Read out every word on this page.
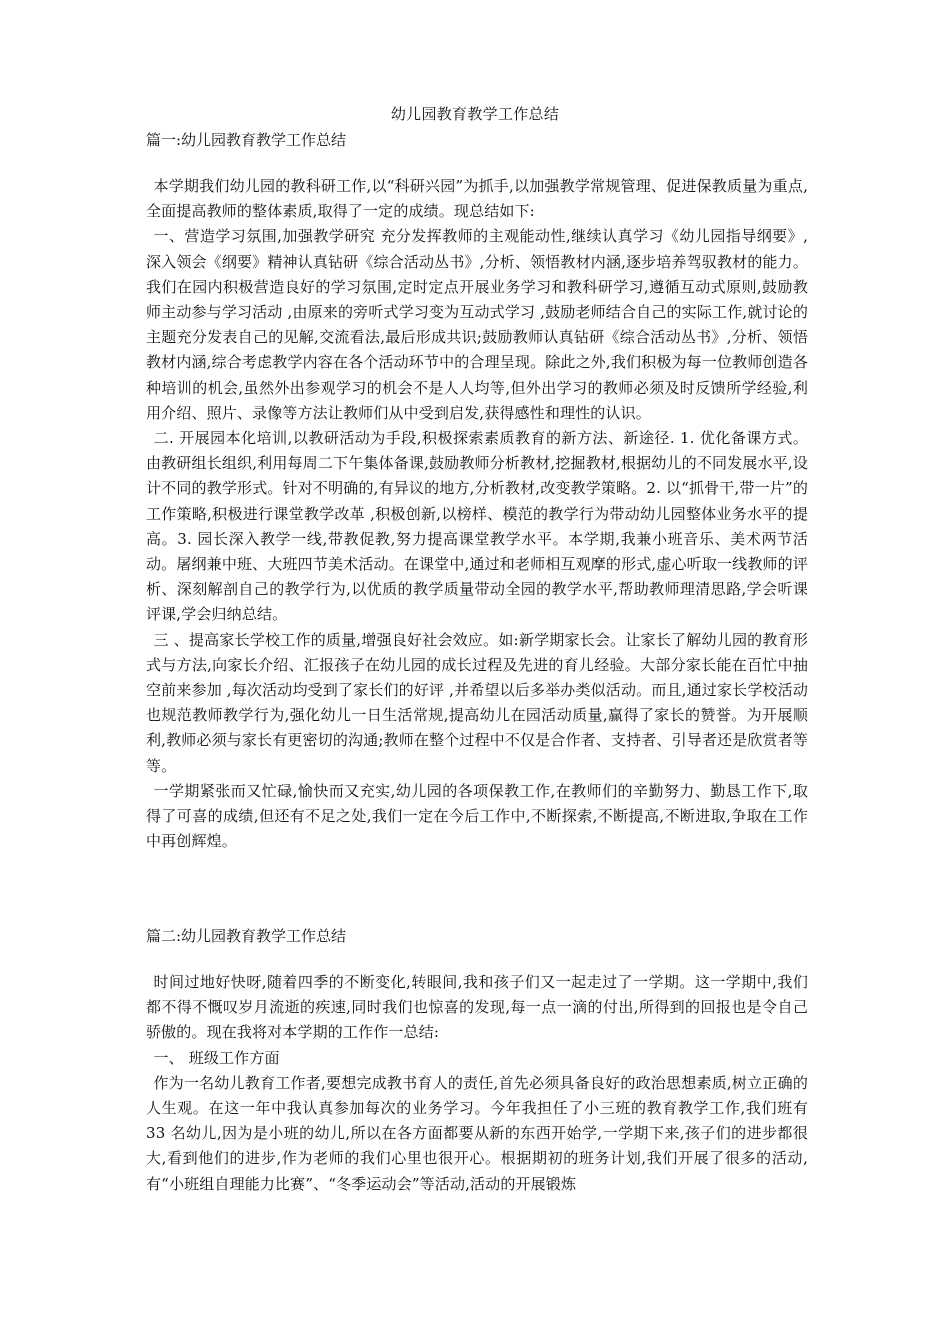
幼儿园教育教学工作总结
篇一:幼儿园教育教学工作总结

本学期我们幼儿园的教科研工作,以“科研兴园”为抓手,以加强教学常规管理、促进保教质量为重点,全面提高教师的整体素质,取得了一定的成绩。现总结如下:

一、营造学习氛围,加强教学研究 充分发挥教师的主观能动性,继续认真学习《幼儿园指导纲要》,深入领会《纲要》精神认真钻研《综合活动丛书》,分析、领悟教材内涵,逐步培养驾驭教材的能力。我们在园内积极营造良好的学习氛围,定时定点开展业务学习和教科研学习,遵循互动式原则,鼓励教师主动参与学习活动 ,由原来的旁听式学习变为互动式学习 ,鼓励老师结合自己的实际工作,就讨论的主题充分发表自己的见解,交流看法,最后形成共识;鼓励教师认真钻研《综合活动丛书》,分析、领悟教材内涵,综合考虑教学内容在各个活动环节中的合理呈现。除此之外,我们积极为每一位教师创造各种培训的机会,虽然外出参观学习的机会不是人人均等,但外出学习的教师必须及时反馈所学经验,利用介绍、照片、录像等方法让教师们从中受到启发,获得感性和理性的认识。

二. 开展园本化培训,以教研活动为手段,积极探索素质教育的新方法、新途径. 1. 优化备课方式。由教研组长组织,利用每周二下午集体备课,鼓励教师分析教材,挖掘教材,根据幼儿的不同发展水平,设计不同的教学形式。针对不明确的,有异议的地方,分析教材,改变教学策略。2. 以“抓骨干,带一片”的工作策略,积极进行课堂教学改革 ,积极创新,以榜样、模范的教学行为带动幼儿园整体业务水平的提高。3. 园长深入教学一线,带教促教,努力提高课堂教学水平。本学期,我兼小班音乐、美术两节活动。屠纲兼中班、大班四节美术活动。在课堂中,通过和老师相互观摩的形式,虚心听取一线教师的评析、深刻解剖自己的教学行为,以优质的教学质量带动全园的教学水平,帮助教师理清思路,学会听课评课,学会归纳总结。

三 、提高家长学校工作的质量,增强良好社会效应。如:新学期家长会。让家长了解幼儿园的教育形式与方法,向家长介绍、汇报孩子在幼儿园的成长过程及先进的育儿经验。大部分家长能在百忙中抽空前来参加 ,每次活动均受到了家长们的好评 ,并希望以后多举办类似活动。而且,通过家长学校活动也规范教师教学行为,强化幼儿一日生活常规,提高幼儿在园活动质量,赢得了家长的赞誉。为开展顺利,教师必须与家长有更密切的沟通;教师在整个过程中不仅是合作者、支持者、引导者还是欣赏者等等。

一学期紧张而又忙碌,愉快而又充实,幼儿园的各项保教工作,在教师们的辛勤努力、勤恳工作下,取得了可喜的成绩,但还有不足之处,我们一定在今后工作中,不断探索,不断提高,不断进取,争取在工作中再创辉煌。

篇二:幼儿园教育教学工作总结

时间过地好快呀,随着四季的不断变化,转眼间,我和孩子们又一起走过了一学期。这一学期中,我们都不得不慨叹岁月流逝的疾速,同时我们也惊喜的发现,每一点一滴的付出,所得到的回报也是令自己骄傲的。现在我将对本学期的工作作一总结:

一、 班级工作方面

作为一名幼儿教育工作者,要想完成教书育人的责任,首先必须具备良好的政治思想素质,树立正确的人生观。在这一年中我认真参加每次的业务学习。今年我担任了小三班的教育教学工作,我们班有 33 名幼儿,因为是小班的幼儿,所以在各方面都要从新的东西开始学,一学期下来,孩子们的进步都很大,看到他们的进步,作为老师的我们心里也很开心。根据期初的班务计划,我们开展了很多的活动,有“小班组自理能力比赛”、“冬季运动会”等活动,活动的开展锻炼
